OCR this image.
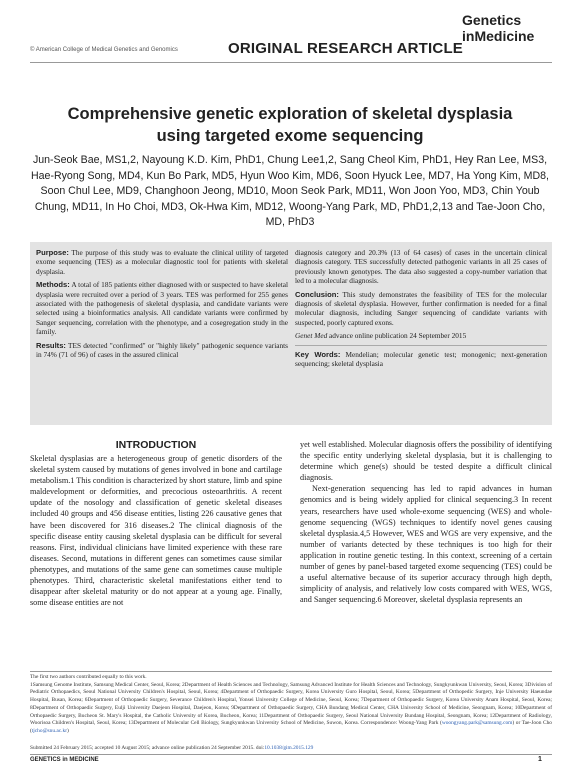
© American College of Medical Genetics and Genomics	ORIGINAL RESEARCH ARTICLE
Genetics
inMedicine
Comprehensive genetic exploration of skeletal dysplasia using targeted exome sequencing
Jun-Seok Bae, MS1,2, Nayoung K.D. Kim, PhD1, Chung Lee1,2, Sang Cheol Kim, PhD1, Hey Ran Lee, MS3, Hae-Ryong Song, MD4, Kun Bo Park, MD5, Hyun Woo Kim, MD6, Soon Hyuck Lee, MD7, Ha Yong Kim, MD8, Soon Chul Lee, MD9, Changhoon Jeong, MD10, Moon Seok Park, MD11, Won Joon Yoo, MD3, Chin Youb Chung, MD11, In Ho Choi, MD3, Ok-Hwa Kim, MD12, Woong-Yang Park, MD, PhD1,2,13 and Tae-Joon Cho, MD, PhD3

Purpose: The purpose of this study was to evaluate the clinical utility of targeted exome sequencing (TES) as a molecular diagnostic tool for patients with skeletal dysplasia.

Methods: A total of 185 patients either diagnosed with or suspected to have skeletal dysplasia were recruited over a period of 3 years. TES was performed for 255 genes associated with the pathogenesis of skeletal dysplasia, and candidate variants were selected using a bioinformatics analysis. All candidate variants were confirmed by Sanger sequencing, correlation with the phenotype, and a cosegregation study in the family.

Results: TES detected "confirmed" or "highly likely" pathogenic sequence variants in 74% (71 of 96) of cases in the assured clinical

diagnosis category and 20.3% (13 of 64 cases) of cases in the uncertain clinical diagnosis category. TES successfully detected pathogenic variants in all 25 cases of previously known genotypes. The data also suggested a copy-number variation that led to a molecular diagnosis.

Conclusion: This study demonstrates the feasibility of TES for the molecular diagnosis of skeletal dysplasia. However, further confirmation is needed for a final molecular diagnosis, including Sanger sequencing of candidate variants with suspected, poorly captured exons.

Genet Med advance online publication 24 September 2015

Key Words: Mendelian; molecular genetic test; monogenic; next-generation sequencing; skeletal dysplasia

INTRODUCTION

Skeletal dysplasias are a heterogeneous group of genetic disorders of the skeletal system caused by mutations of genes involved in bone and cartilage metabolism.1 This condition is characterized by short stature, limb and spine maldevelopment or deformities, and precocious osteoarthritis. A recent update of the nosology and classification of genetic skeletal diseases included 40 groups and 456 disease entities, listing 226 causative genes that have been discovered for 316 diseases.2 The clinical diagnosis of the specific disease entity causing skeletal dysplasia can be difficult for several reasons. First, individual clinicians have limited experience with these rare diseases. Second, mutations in different genes can sometimes cause similar phenotypes, and mutations of the same gene can sometimes cause multiple phenotypes. Third, characteristic skeletal manifestations either tend to disappear after skeletal maturity or do not appear at a young age. Finally, some disease entities are not

yet well established. Molecular diagnosis offers the possibility of identifying the specific entity underlying skeletal dysplasia, but it is challenging to determine which gene(s) should be tested despite a difficult clinical diagnosis.

Next-generation sequencing has led to rapid advances in human genomics and is being widely applied for clinical sequencing.3 In recent years, researchers have used whole-exome sequencing (WES) and whole-genome sequencing (WGS) techniques to identify novel genes causing skeletal dysplasia.4,5 However, WES and WGS are very expensive, and the number of variants detected by these techniques is too high for their application in routine genetic testing. In this context, screening of a certain number of genes by panel-based targeted exome sequencing (TES) could be a useful alternative because of its superior accuracy through high depth, simplicity of analysis, and relatively low costs compared with WES, WGS, and Sanger sequencing.6 Moreover, skeletal dysplasia represents an

The first two authors contributed equally to this work.
1Samsung Genome Institute, Samsung Medical Center, Seoul, Korea; 2Department of Health Sciences and Technology, Samsung Advanced Institute for Health Sciences and Technology, Sungkyunkwan University, Seoul, Korea; 3Division of Pediatric Orthopaedics, Seoul National University Children's Hospital, Seoul, Korea; 4Department of Orthopaedic Surgery, Korea University Guro Hospital, Seoul, Korea; 5Department of Orthopedic Surgery, Inje University Haeundae Hospital, Busan, Korea; 6Department of Orthopaedic Surgery, Severance Children's Hospital, Yonsei University College of Medicine, Seoul, Korea; 7Department of Orthopaedic Surgery, Korea University Anam Hospital, Seoul, Korea; 8Department of Orthopaedic Surgery, Eulji University Daejeon Hospital, Daejeon, Korea; 9Department of Orthopaedic Surgery, CHA Bundang Medical Center, CHA University School of Medicine, Seongnam, Korea; 10Department of Orthopaedic Surgery, Bucheon St. Mary's Hospital, the Catholic University of Korea, Bucheon, Korea; 11Department of Orthopaedic Surgery, Seoul National University Bundang Hospital, Seongnam, Korea; 12Department of Radiology, Woorisoa Children's Hospital, Seoul, Korea; 13Department of Molecular Cell Biology, Sungkyunkwan University School of Medicine, Suwon, Korea. Correspondence: Woong-Yang Park (woongyang.park@samsung.com) or Tae-Joon Cho (tjcho@snu.ac.kr)
Submitted 24 February 2015; accepted 10 August 2015; advance online publication 24 September 2015. doi:10.1038/gim.2015.129
GENETICS in MEDICINE	1
